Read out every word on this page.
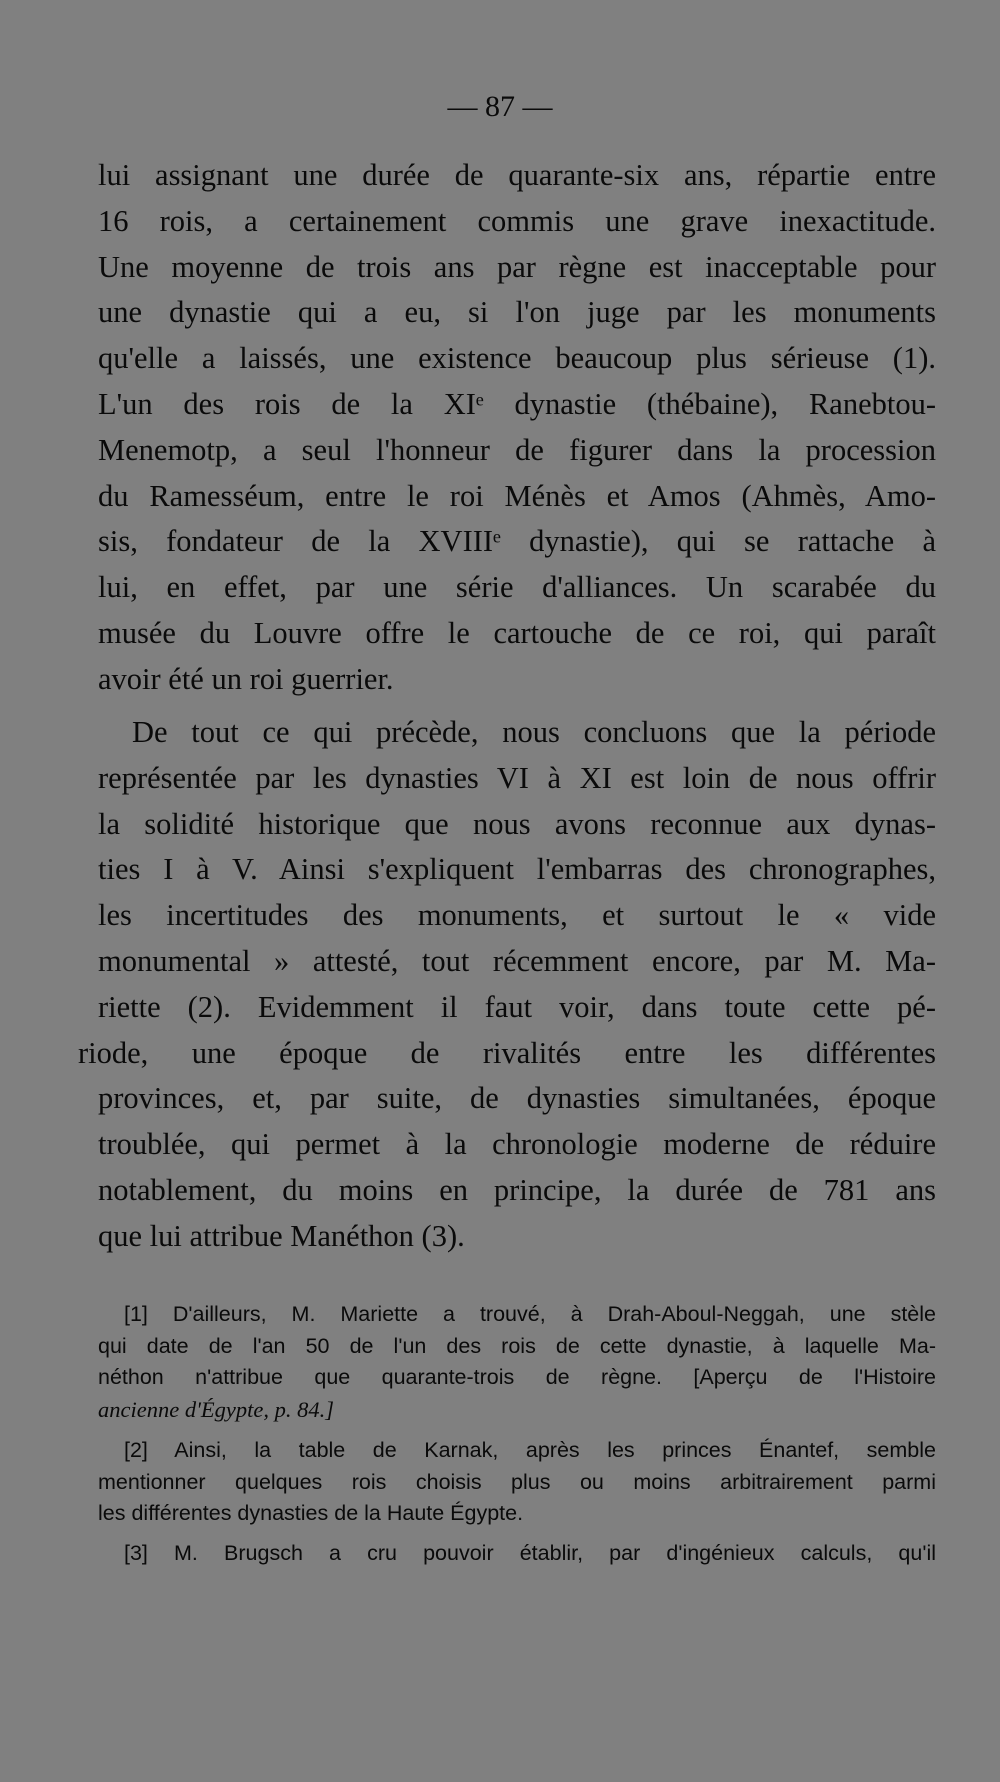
— 87 —
lui assignant une durée de quarante-six ans, répartie entre
16 rois, a certainement commis une grave inexactitude.
Une moyenne de trois ans par règne est inacceptable pour
une dynastie qui a eu, si l'on juge par les monuments
qu'elle a laissés, une existence beaucoup plus sérieuse (1).
L'un des rois de la XIᵉ dynastie (thébaine), Ranebtou-
Menemotp, a seul l'honneur de figurer dans la procession
du Ramesséum, entre le roi Ménès et Amos (Ahmès, Amo-
sis, fondateur de la XVIIIᵉ dynastie), qui se rattache à
lui, en effet, par une série d'alliances. Un scarabée du
musée du Louvre offre le cartouche de ce roi, qui paraît
avoir été un roi guerrier.
De tout ce qui précède, nous concluons que la période
représentée par les dynasties VI à XI est loin de nous offrir
la solidité historique que nous avons reconnue aux dynas-
ties I à V. Ainsi s'expliquent l'embarras des chronographes,
les incertitudes des monuments, et surtout le « vide
monumental » attesté, tout récemment encore, par M. Ma-
riette (2). Evidemment il faut voir, dans toute cette pé-
riode, une époque de rivalités entre les différentes
provinces, et, par suite, de dynasties simultanées, époque
troublée, qui permet à la chronologie moderne de réduire
notablement, du moins en principe, la durée de 781 ans
que lui attribue Manéthon (3).
[1] D'ailleurs, M. Mariette a trouvé, à Drah-Aboul-Neggah, une stèle
qui date de l'an 50 de l'un des rois de cette dynastie, à laquelle Ma-
néthon n'attribue que quarante-trois de règne. [Aperçu de l'Histoire
ancienne d'Égypte, p. 84.]
[2] Ainsi, la table de Karnak, après les princes Énantef, semble
mentionner quelques rois choisis plus ou moins arbitrairement parmi
les différentes dynasties de la Haute Égypte.
[3] M. Brugsch a cru pouvoir établir, par d'ingénieux calculs, qu'il
